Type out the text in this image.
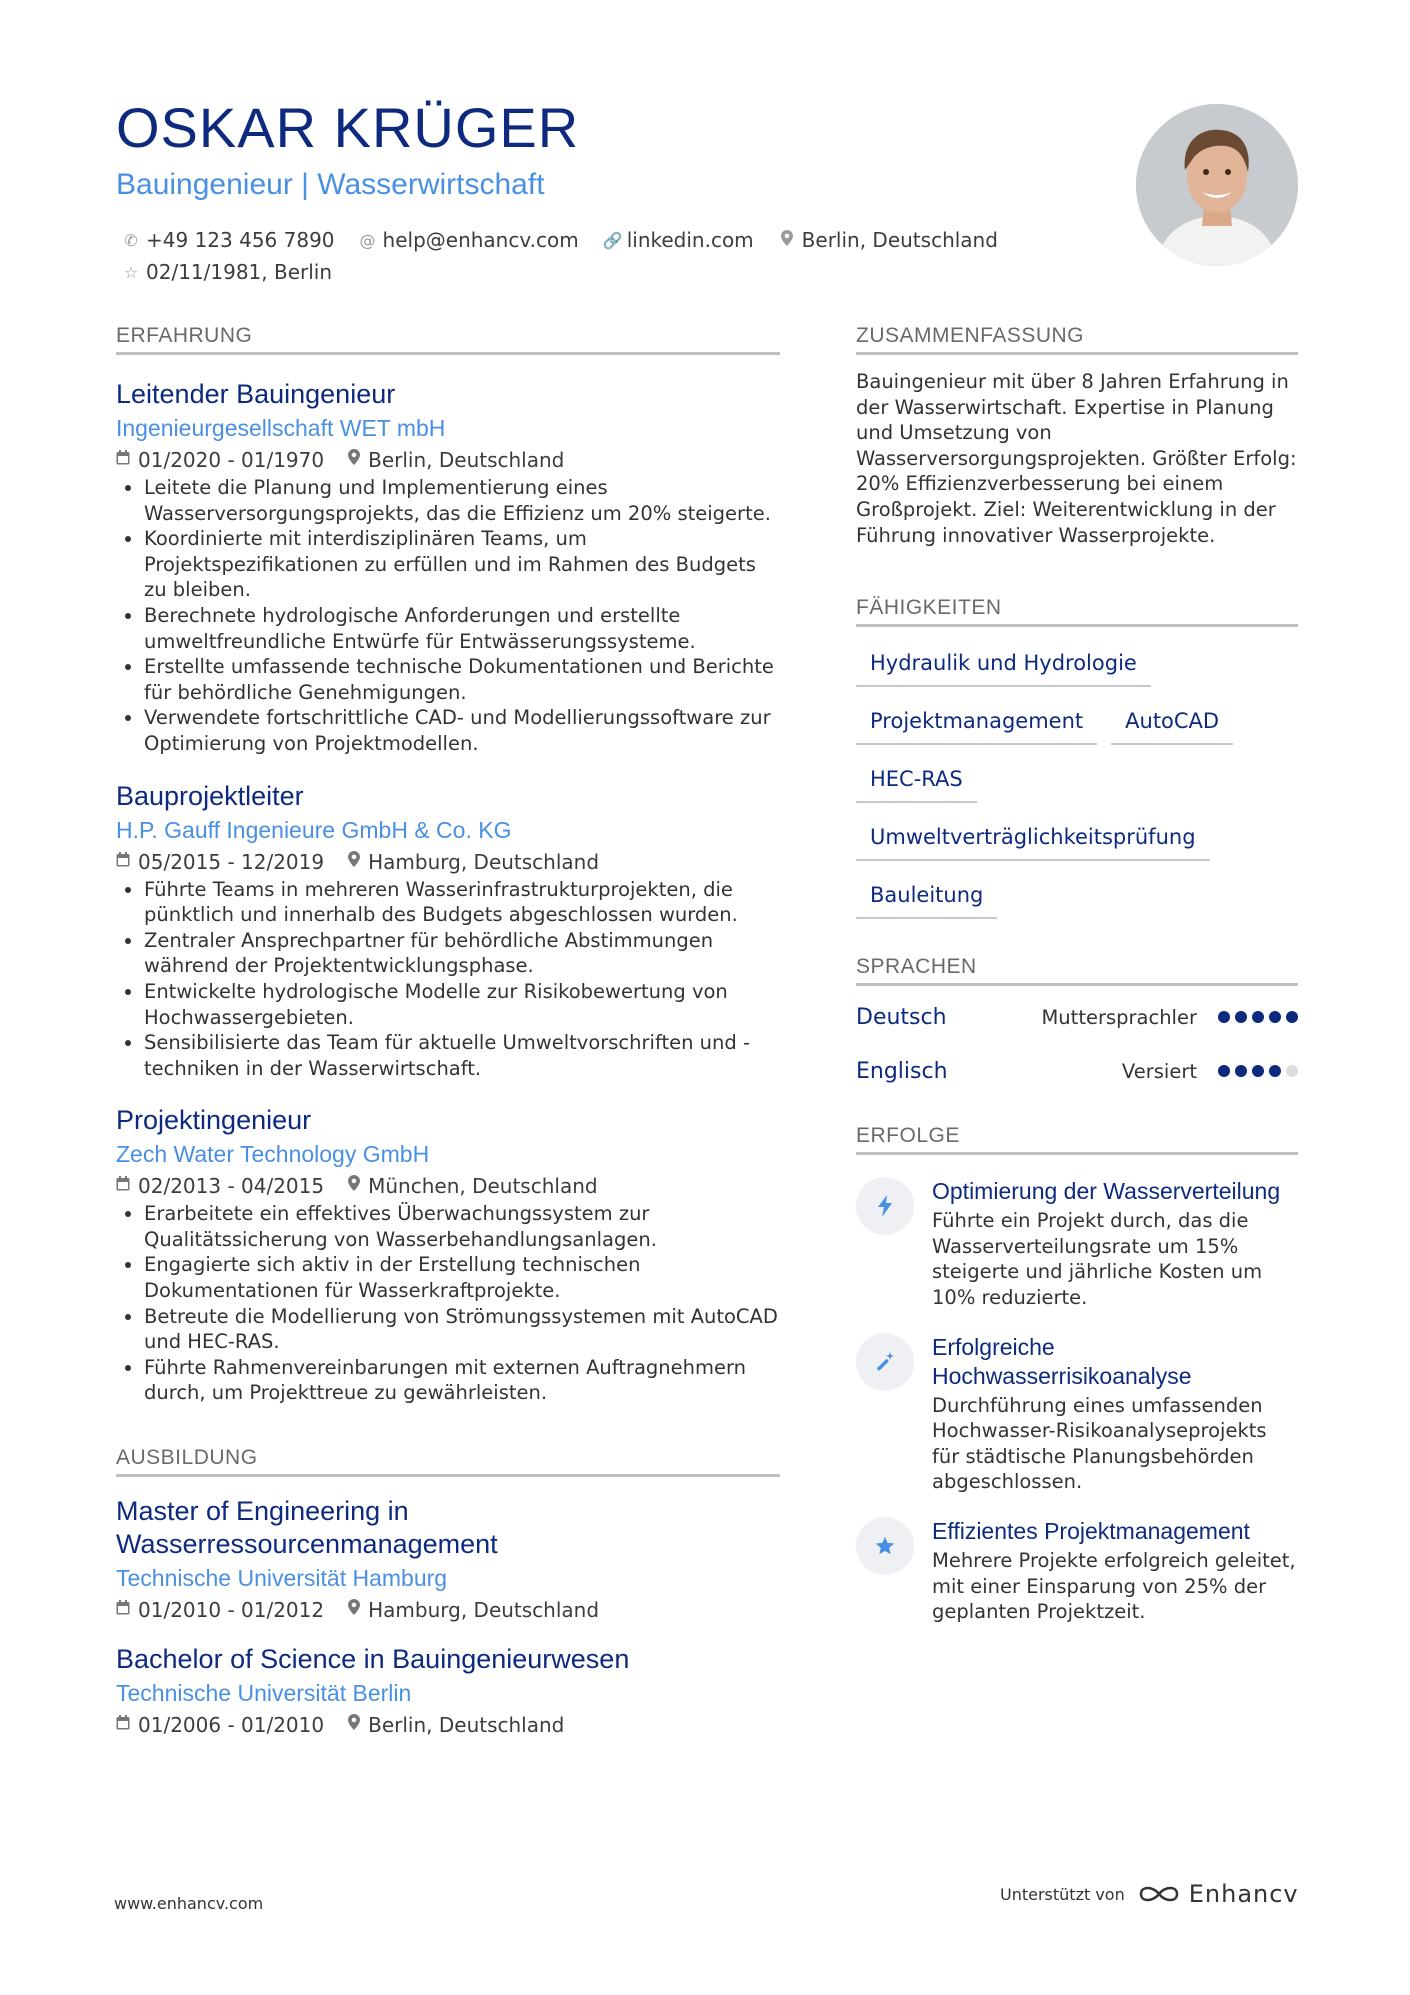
OSKAR KRÜGER
Bauingenieur | Wasserwirtschaft
✆ +49 123 456 7890 @ help@enhancv.com 🔗 linkedin.com Berlin, Deutschland
☆ 02/11/1981, Berlin
ERFAHRUNG
Leitender Bauingenieur
Ingenieurgesellschaft WET mbH
01/2020 - 01/1970 Berlin, Deutschland
• Leitete die Planung und Implementierung eines Wasserversorgungsprojekts, das die Effizienz um 20% steigerte.
• Koordinierte mit interdisziplinären Teams, um Projektspezifikationen zu erfüllen und im Rahmen des Budgets zu bleiben.
• Berechnete hydrologische Anforderungen und erstellte umweltfreundliche Entwürfe für Entwässerungssysteme.
• Erstellte umfassende technische Dokumentationen und Berichte für behördliche Genehmigungen.
• Verwendete fortschrittliche CAD- und Modellierungssoftware zur Optimierung von Projektmodellen.
Bauprojektleiter
H.P. Gauff Ingenieure GmbH & Co. KG
05/2015 - 12/2019 Hamburg, Deutschland
• Führte Teams in mehreren Wasserinfrastrukturprojekten, die pünktlich und innerhalb des Budgets abgeschlossen wurden.
• Zentraler Ansprechpartner für behördliche Abstimmungen während der Projektentwicklungsphase.
• Entwickelte hydrologische Modelle zur Risikobewertung von Hochwassergebieten.
• Sensibilisierte das Team für aktuelle Umweltvorschriften und -techniken in der Wasserwirtschaft.
Projektingenieur
Zech Water Technology GmbH
02/2013 - 04/2015 München, Deutschland
• Erarbeitete ein effektives Überwachungssystem zur Qualitätssicherung von Wasserbehandlungsanlagen.
• Engagierte sich aktiv in der Erstellung technischen Dokumentationen für Wasserkraftprojekte.
• Betreute die Modellierung von Strömungssystemen mit AutoCAD und HEC-RAS.
• Führte Rahmenvereinbarungen mit externen Auftragnehmern durch, um Projekttreue zu gewährleisten.
AUSBILDUNG
Master of Engineering in Wasserressourcenmanagement
Technische Universität Hamburg
01/2010 - 01/2012 Hamburg, Deutschland
Bachelor of Science in Bauingenieurwesen
Technische Universität Berlin
01/2006 - 01/2010 Berlin, Deutschland
ZUSAMMENFASSUNG
Bauingenieur mit über 8 Jahren Erfahrung in der Wasserwirtschaft. Expertise in Planung und Umsetzung von Wasserversorgungsprojekten. Größter Erfolg: 20% Effizienzverbesserung bei einem Großprojekt. Ziel: Weiterentwicklung in der Führung innovativer Wasserprojekte.
FÄHIGKEITEN
Hydraulik und Hydrologie
Projektmanagement	AutoCAD
HEC-RAS
Umweltverträglichkeitsprüfung
Bauleitung
SPRACHEN
Deutsch	Muttersprachler
Englisch	Versiert
ERFOLGE
Optimierung der Wasserverteilung
Führte ein Projekt durch, das die Wasserverteilungsrate um 15% steigerte und jährliche Kosten um 10% reduzierte.
Erfolgreiche Hochwasserrisikoanalyse
Durchführung eines umfassenden Hochwasser-Risikoanalyseprojekts für städtische Planungsbehörden abgeschlossen.
Effizientes Projektmanagement
Mehrere Projekte erfolgreich geleitet, mit einer Einsparung von 25% der geplanten Projektzeit.
www.enhancv.com	Unterstützt von	Enhancv
